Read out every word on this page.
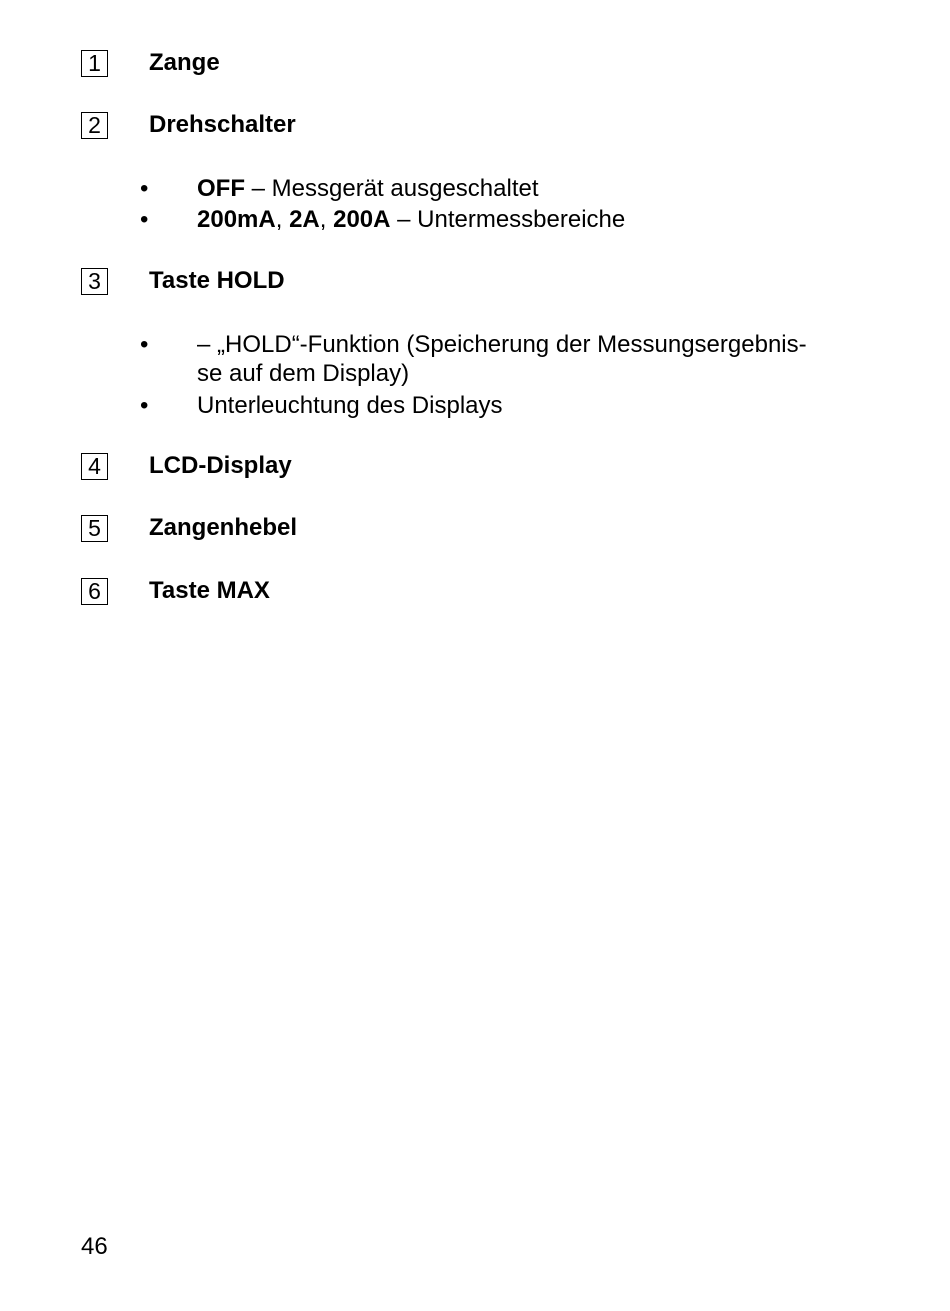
1 Zange
2 Drehschalter
• OFF – Messgerät ausgeschaltet
• 200mA, 2A, 200A – Untermessbereiche
3 Taste HOLD
• – „HOLD“-Funktion (Speicherung der Messungsergebnis-
se auf dem Display)
• Unterleuchtung des Displays
4 LCD-Display
5 Zangenhebel
6 Taste MAX
46
